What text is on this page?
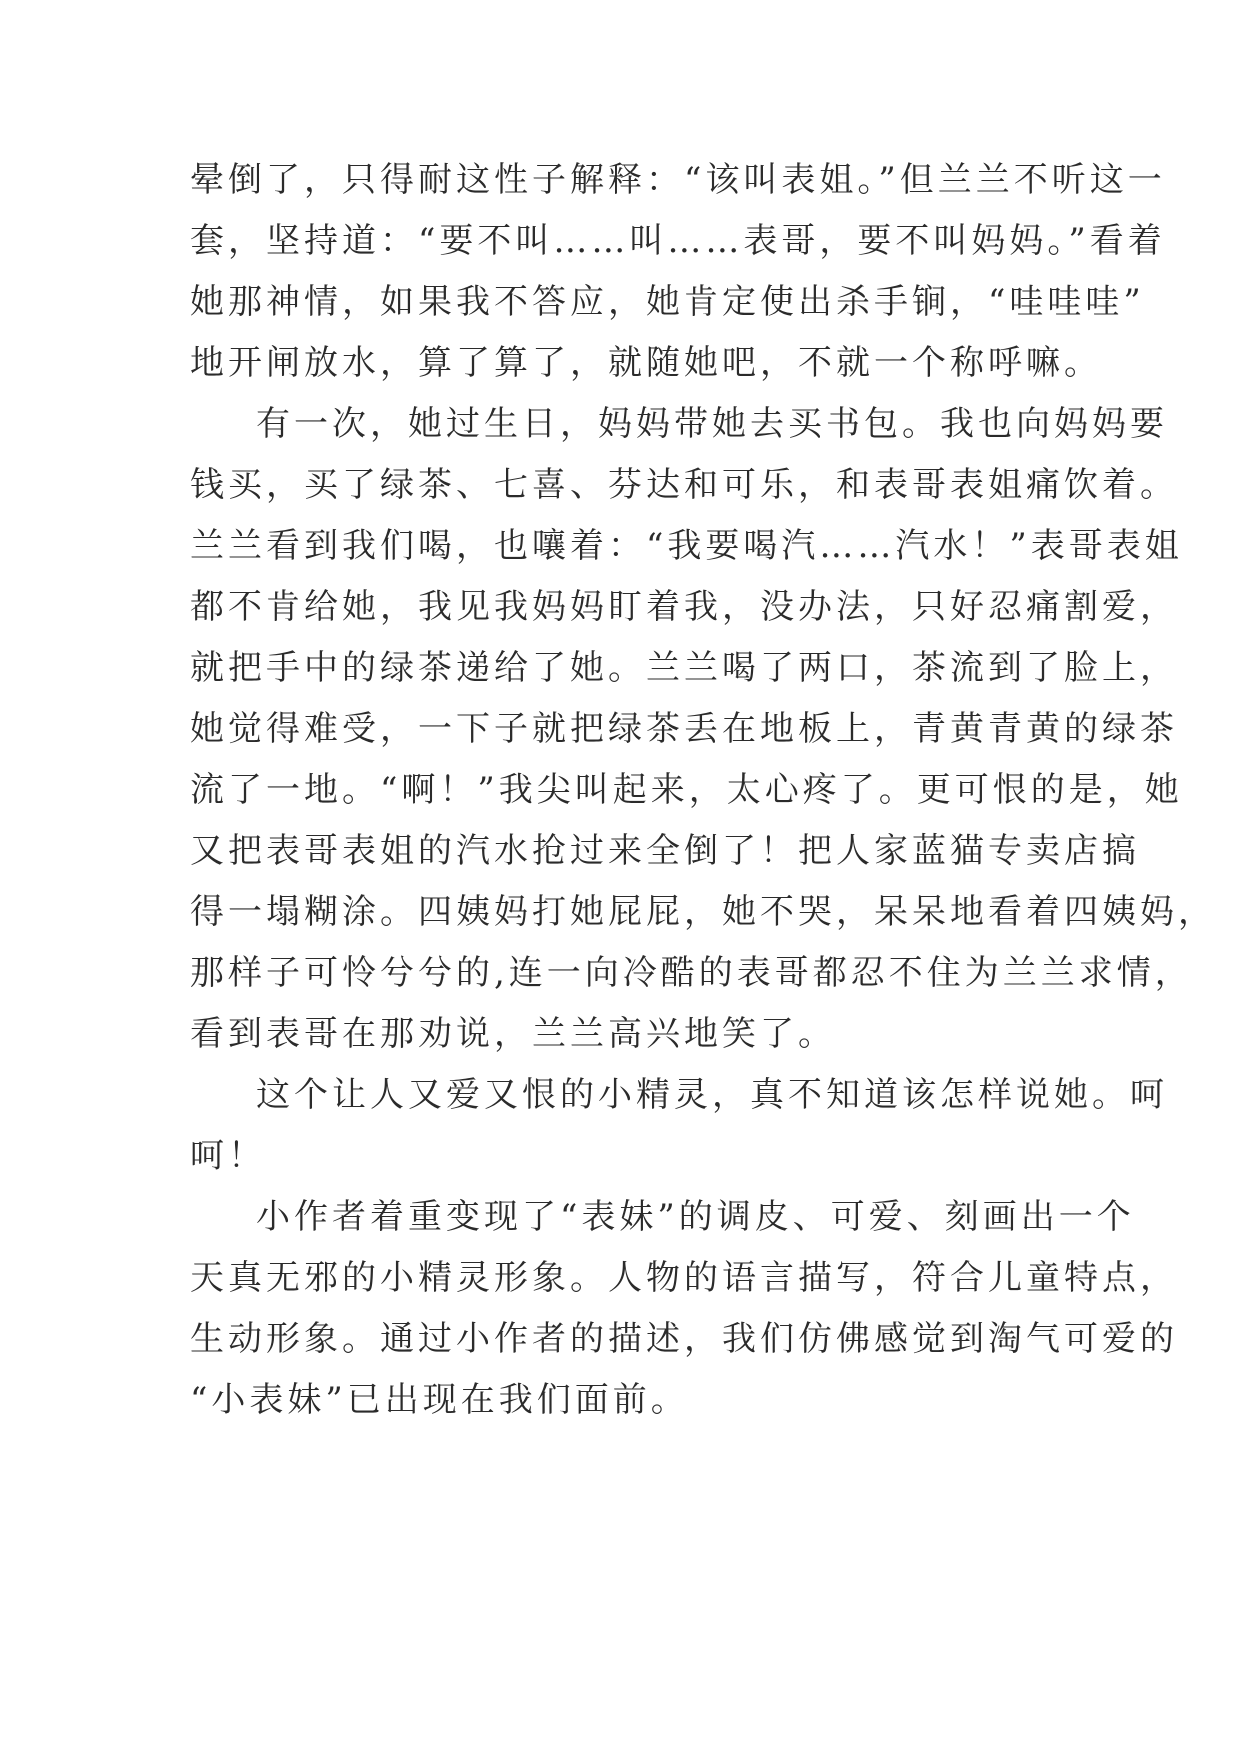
晕倒了，只得耐这性子解释：“该叫表姐。”但兰兰不听这一
套，坚持道：“要不叫……叫……表哥，要不叫妈妈。”看着
她那神情，如果我不答应，她肯定使出杀手锏，“哇哇哇”
地开闸放水，算了算了，就随她吧，不就一个称呼嘛。
有一次，她过生日，妈妈带她去买书包。我也向妈妈要
钱买，买了绿茶、七喜、芬达和可乐，和表哥表姐痛饮着。
兰兰看到我们喝，也嚷着：“我要喝汽……汽水！”表哥表姐
都不肯给她，我见我妈妈盯着我，没办法，只好忍痛割爱，
就把手中的绿茶递给了她。兰兰喝了两口，茶流到了脸上，
她觉得难受，一下子就把绿茶丢在地板上，青黄青黄的绿茶
流了一地。“啊！”我尖叫起来，太心疼了。更可恨的是，她
又把表哥表姐的汽水抢过来全倒了！把人家蓝猫专卖店搞
得一塌糊涂。四姨妈打她屁屁，她不哭，呆呆地看着四姨妈，
那样子可怜兮兮的,连一向冷酷的表哥都忍不住为兰兰求情，
看到表哥在那劝说，兰兰高兴地笑了。
这个让人又爱又恨的小精灵，真不知道该怎样说她。呵
呵！
小作者着重变现了“表妹”的调皮、可爱、刻画出一个
天真无邪的小精灵形象。人物的语言描写，符合儿童特点，
生动形象。通过小作者的描述，我们仿佛感觉到淘气可爱的
“小表妹”已出现在我们面前。
